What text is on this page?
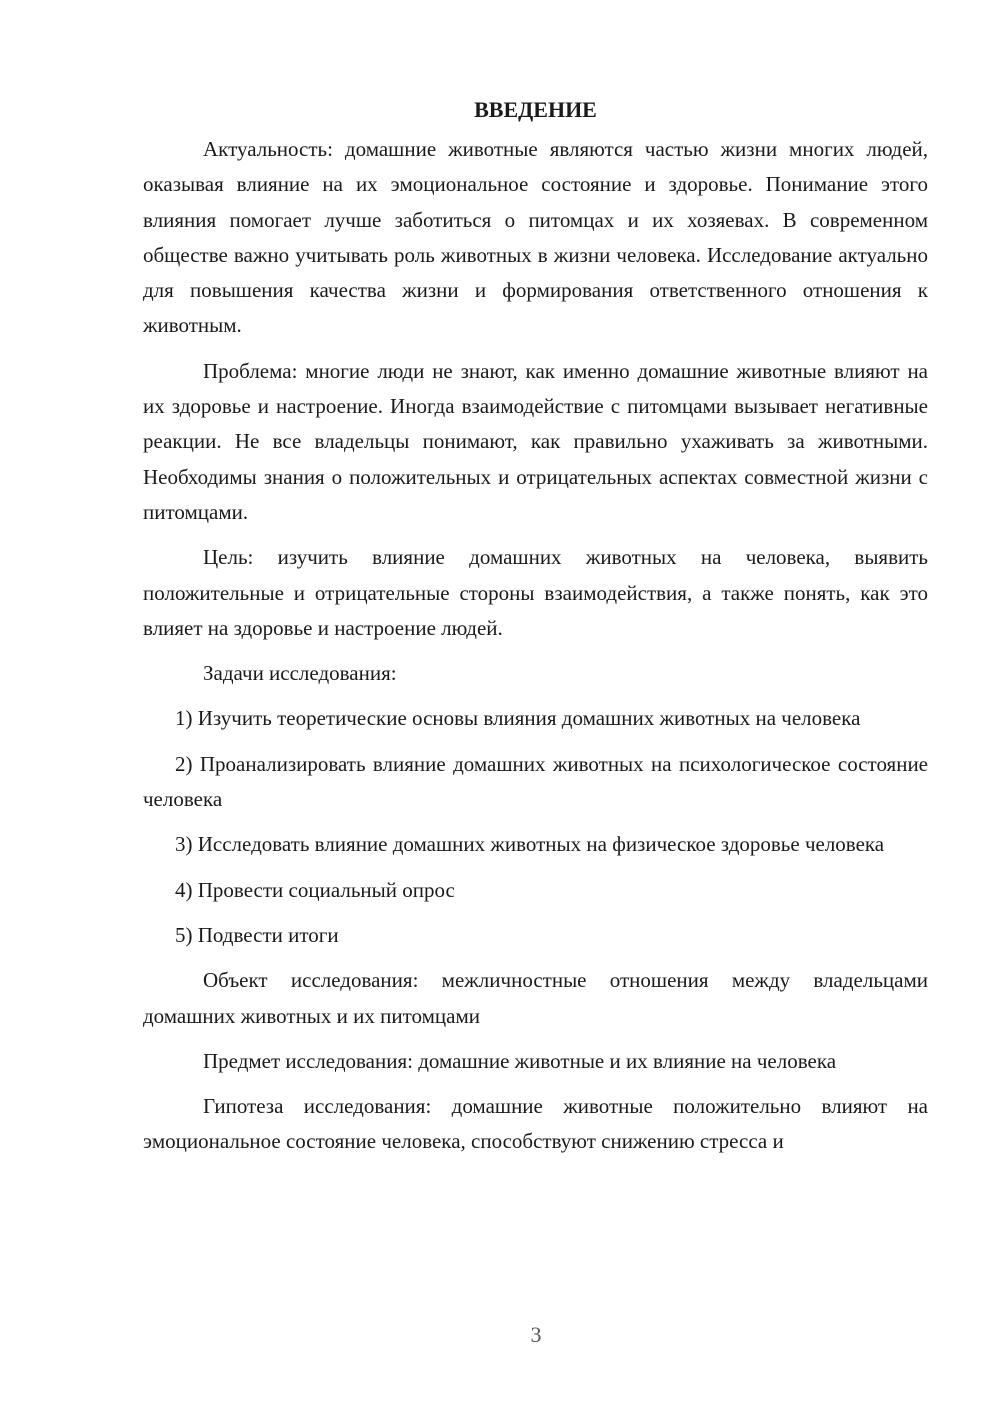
ВВЕДЕНИЕ

Актуальность: домашние животные являются частью жизни многих людей, оказывая влияние на их эмоциональное состояние и здоровье. Понимание этого влияния помогает лучше заботиться о питомцах и их хозяевах. В современном обществе важно учитывать роль животных в жизни человека. Исследование актуально для повышения качества жизни и формирования ответственного отношения к животным.

Проблема: многие люди не знают, как именно домашние животные влияют на их здоровье и настроение. Иногда взаимодействие с питомцами вызывает негативные реакции. Не все владельцы понимают, как правильно ухаживать за животными. Необходимы знания о положительных и отрицательных аспектах совместной жизни с питомцами.

Цель: изучить влияние домашних животных на человека, выявить положительные и отрицательные стороны взаимодействия, а также понять, как это влияет на здоровье и настроение людей.

Задачи исследования:

1) Изучить теоретические основы влияния домашних животных на человека

2) Проанализировать влияние домашних животных на психологическое состояние человека

3) Исследовать влияние домашних животных на физическое здоровье человека

4) Провести социальный опрос

5) Подвести итоги

Объект исследования: межличностные отношения между владельцами домашних животных и их питомцами

Предмет исследования: домашние животные и их влияние на человека

Гипотеза исследования: домашние животные положительно влияют на эмоциональное состояние человека, способствуют снижению стресса и

3
